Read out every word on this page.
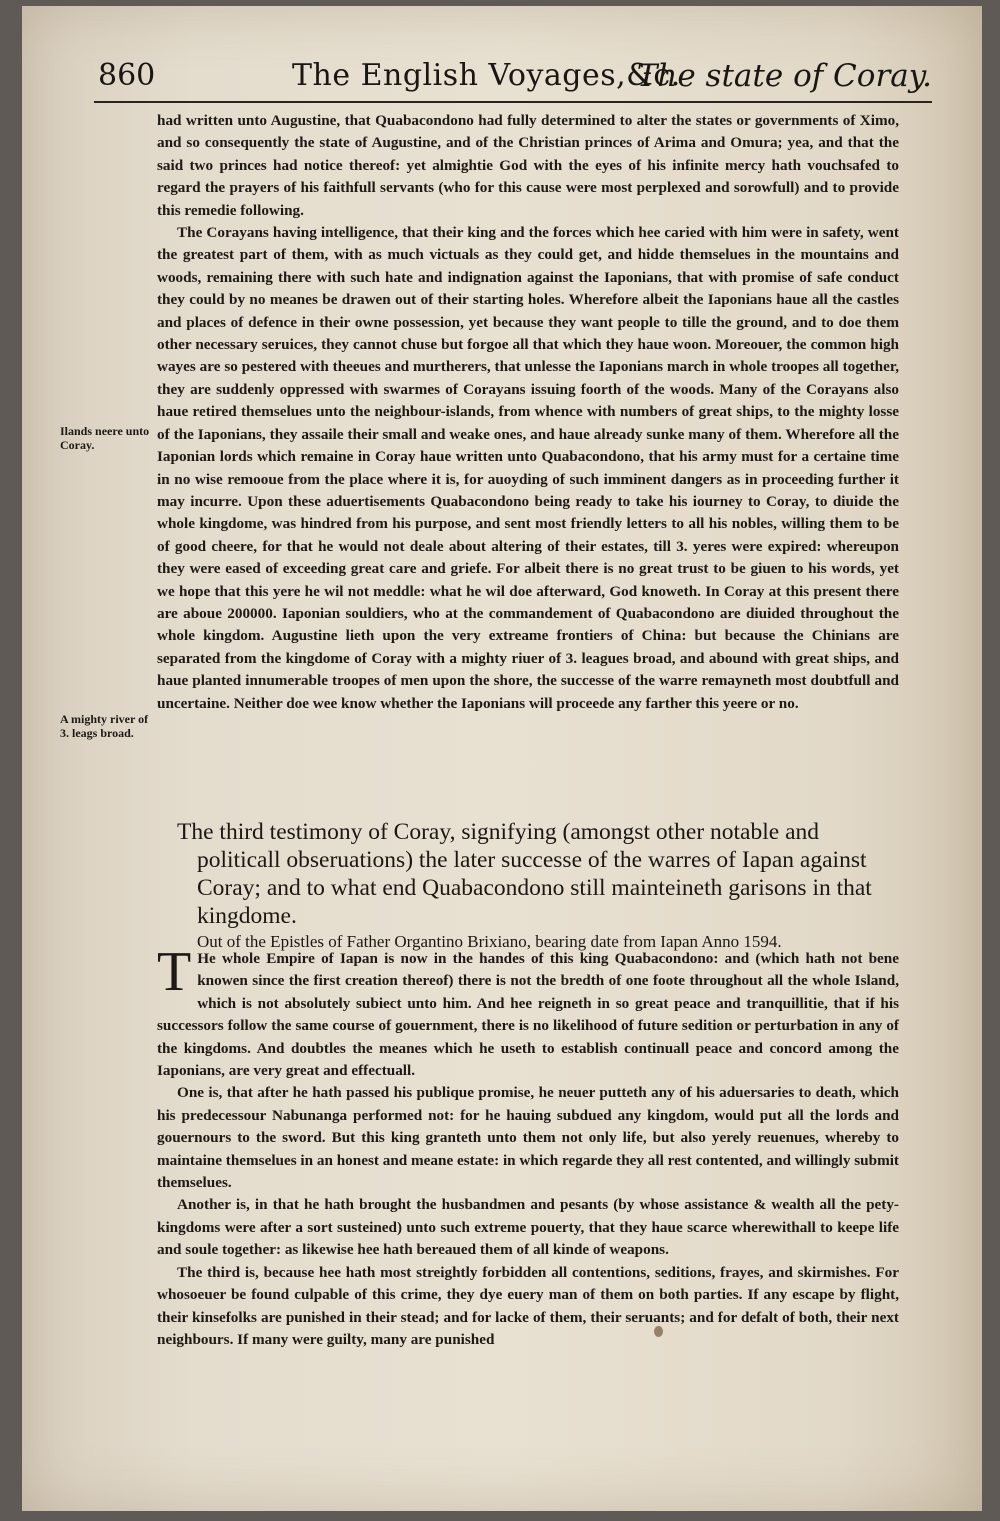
860	The English Voyages,&c.
The state of Coray.
Ilands neere unto Coray.
A mighty river of 3. leags broad.

had written unto Augustine, that Quabacondono had fully determined to alter the states or governments of Ximo, and so consequently the state of Augustine, and of the Christian princes of Arima and Omura; yea, and that the said two princes had notice thereof: yet almightie God with the eyes of his infinite mercy hath vouchsafed to regard the prayers of his faithfull servants (who for this cause were most perplexed and sorowfull) and to provide this remedie following.

The Corayans having intelligence, that their king and the forces which hee caried with him were in safety, went the greatest part of them, with as much victuals as they could get, and hidde themselues in the mountains and woods, remaining there with such hate and indignation against the Iaponians, that with promise of safe conduct they could by no meanes be drawen out of their starting holes. Wherefore albeit the Iaponians haue all the castles and places of defence in their owne possession, yet because they want people to tille the ground, and to doe them other necessary seruices, they cannot chuse but forgoe all that which they haue woon. Moreouer, the common high wayes are so pestered with theeues and murtherers, that unlesse the Iaponians march in whole troopes all together, they are suddenly oppressed with swarmes of Corayans issuing foorth of the woods. Many of the Corayans also haue retired themselues unto the neighbour-islands, from whence with numbers of great ships, to the mighty losse of the Iaponians, they assaile their small and weake ones, and haue already sunke many of them. Wherefore all the Iaponian lords which remaine in Coray haue written unto Quabacondono, that his army must for a certaine time in no wise remooue from the place where it is, for auoyding of such imminent dangers as in proceeding further it may incurre. Upon these aduertisements Quabacondono being ready to take his iourney to Coray, to diuide the whole kingdome, was hindred from his purpose, and sent most friendly letters to all his nobles, willing them to be of good cheere, for that he would not deale about altering of their estates, till 3. yeres were expired: whereupon they were eased of exceeding great care and griefe. For albeit there is no great trust to be giuen to his words, yet we hope that this yere he wil not meddle: what he wil doe afterward, God knoweth. In Coray at this present there are aboue 200000. Iaponian souldiers, who at the commandement of Quabacondono are diuided throughout the whole kingdom. Augustine lieth upon the very extreame frontiers of China: but because the Chinians are separated from the kingdome of Coray with a mighty riuer of 3. leagues broad, and abound with great ships, and haue planted innumerable troopes of men upon the shore, the successe of the warre remayneth most doubtfull and uncertaine. Neither doe wee know whether the Iaponians will proceede any farther this yeere or no.

The third testimony of Coray, signifying (amongst other notable and politicall obseruations) the later successe of the warres of Iapan against Coray; and to what end Quabacondono still mainteineth garisons in that kingdome.

Out of the Epistles of Father Organtino Brixiano, bearing date from Iapan Anno 1594.

T He whole Empire of Iapan is now in the handes of this king Quabacondono: and (which hath not bene knowen since the first creation thereof) there is not the bredth of one foote throughout all the whole Island, which is not absolutely subiect unto him. And hee reigneth in so great peace and tranquillitie, that if his successors follow the same course of gouernment, there is no likelihood of future sedition or perturbation in any of the kingdoms. And doubtles the meanes which he useth to establish continuall peace and concord among the Iaponians, are very great and effectuall.

One is, that after he hath passed his publique promise, he neuer putteth any of his aduersaries to death, which his predecessour Nabunanga performed not: for he hauing subdued any kingdom, would put all the lords and gouernours to the sword. But this king granteth unto them not only life, but also yerely reuenues, whereby to maintaine themselues in an honest and meane estate: in which regarde they all rest contented, and willingly submit themselues.

Another is, in that he hath brought the husbandmen and pesants (by whose assistance & wealth all the pety-kingdoms were after a sort susteined) unto such extreme pouerty, that they haue scarce wherewithall to keepe life and soule together: as likewise hee hath bereaued them of all kinde of weapons.

The third is, because hee hath most streightly forbidden all contentions, seditions, frayes, and skirmishes. For whosoeuer be found culpable of this crime, they dye euery man of them on both parties. If any escape by flight, their kinsefolks are punished in their stead; and for lacke of them, their seruants; and for defalt of both, their next neighbours. If many were guilty, many are punished
